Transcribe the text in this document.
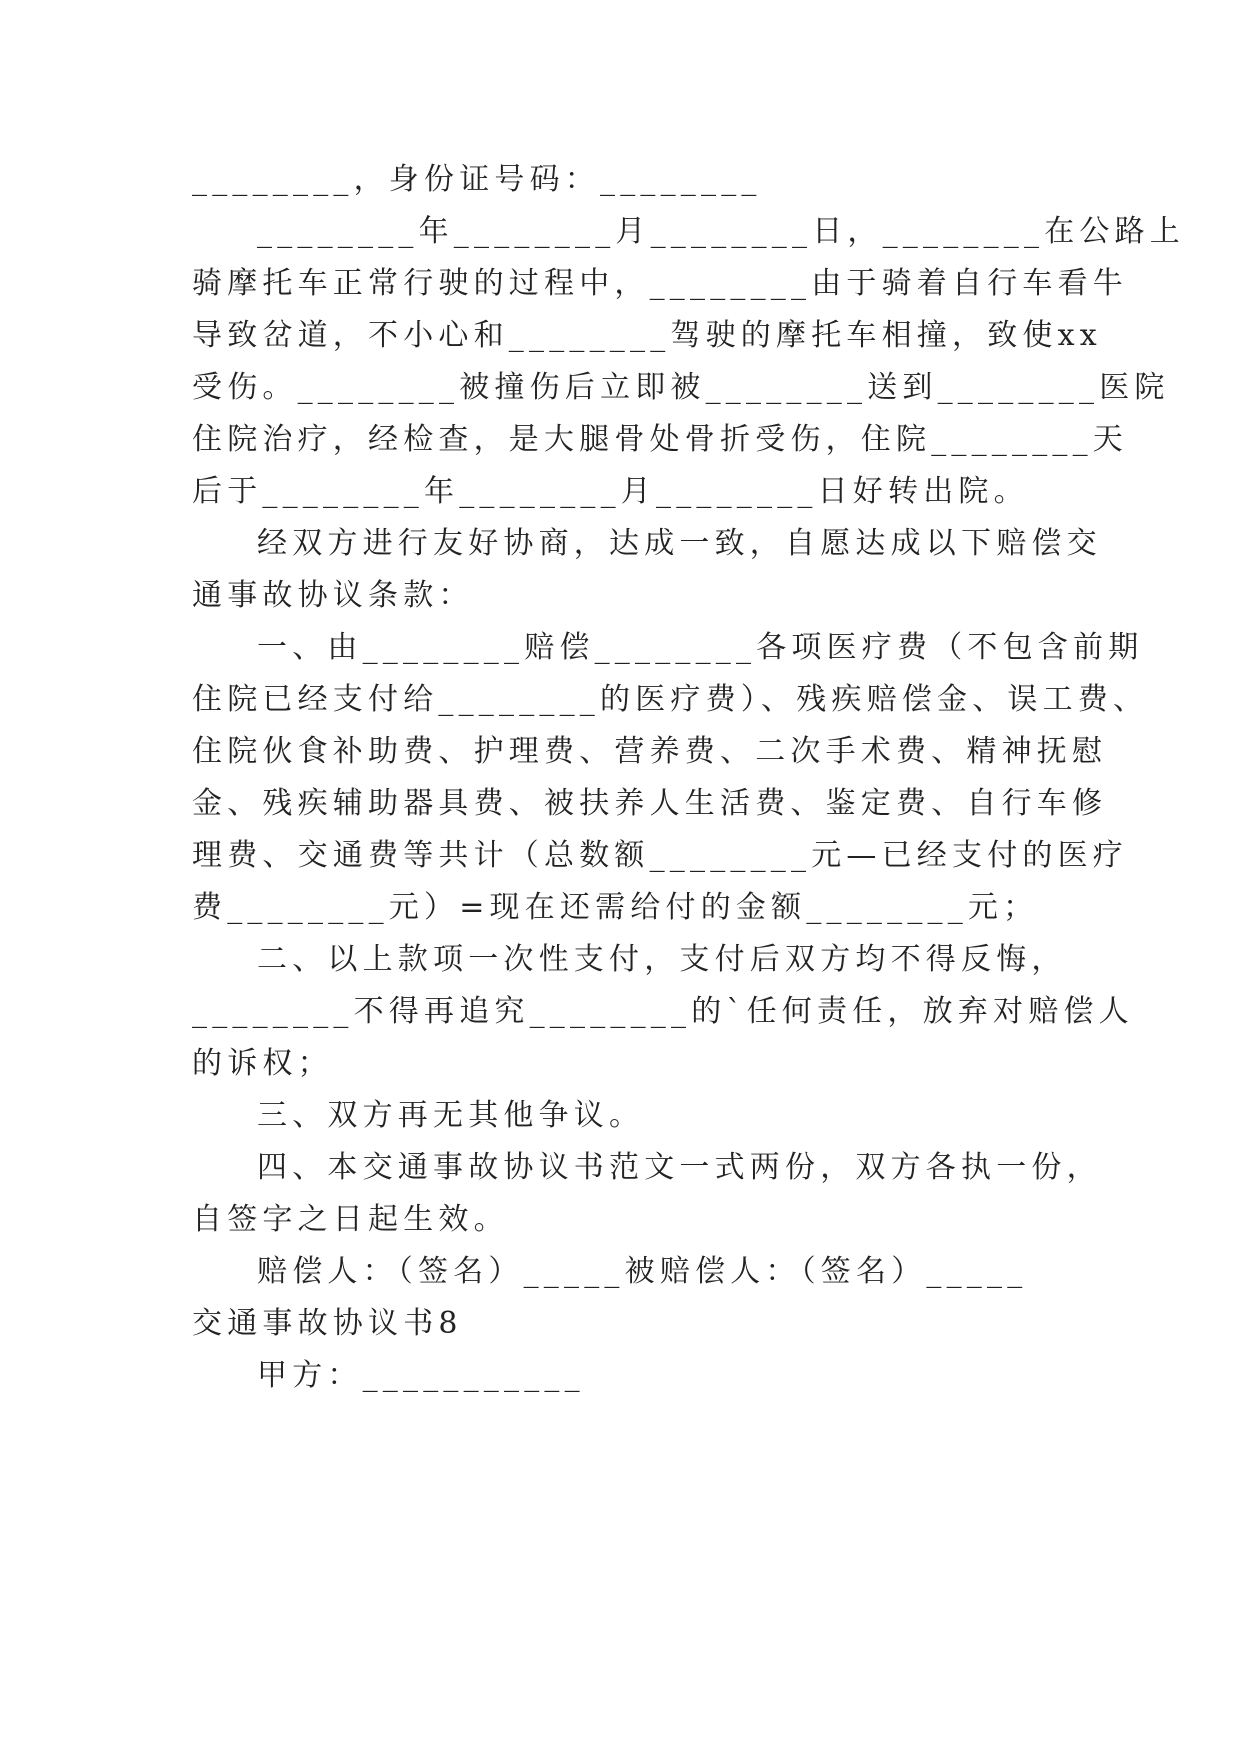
________，身份证号码：________
________年________月________日，________在公路上
骑摩托车正常行驶的过程中，________由于骑着自行车看牛
导致岔道，不小心和________驾驶的摩托车相撞，致使xx
受伤。________被撞伤后立即被________送到________医院
住院治疗，经检查，是大腿骨处骨折受伤，住院________天
后于________年________月________日好转出院。
经双方进行友好协商，达成一致，自愿达成以下赔偿交
通事故协议条款：
一、由________赔偿________各项医疗费（不包含前期
住院已经支付给________的医疗费）、残疾赔偿金、误工费、
住院伙食补助费、护理费、营养费、二次手术费、精神抚慰
金、残疾辅助器具费、被扶养人生活费、鉴定费、自行车修
理费、交通费等共计（总数额________元—已经支付的医疗
费________元）=现在还需给付的金额________元；
二、以上款项一次性支付，支付后双方均不得反悔，
________不得再追究________的`任何责任，放弃对赔偿人
的诉权；
三、双方再无其他争议。
四、本交通事故协议书范文一式两份，双方各执一份，
自签字之日起生效。
赔偿人：（签名）_____被赔偿人：（签名）_____
交通事故协议书8
甲方：___________
